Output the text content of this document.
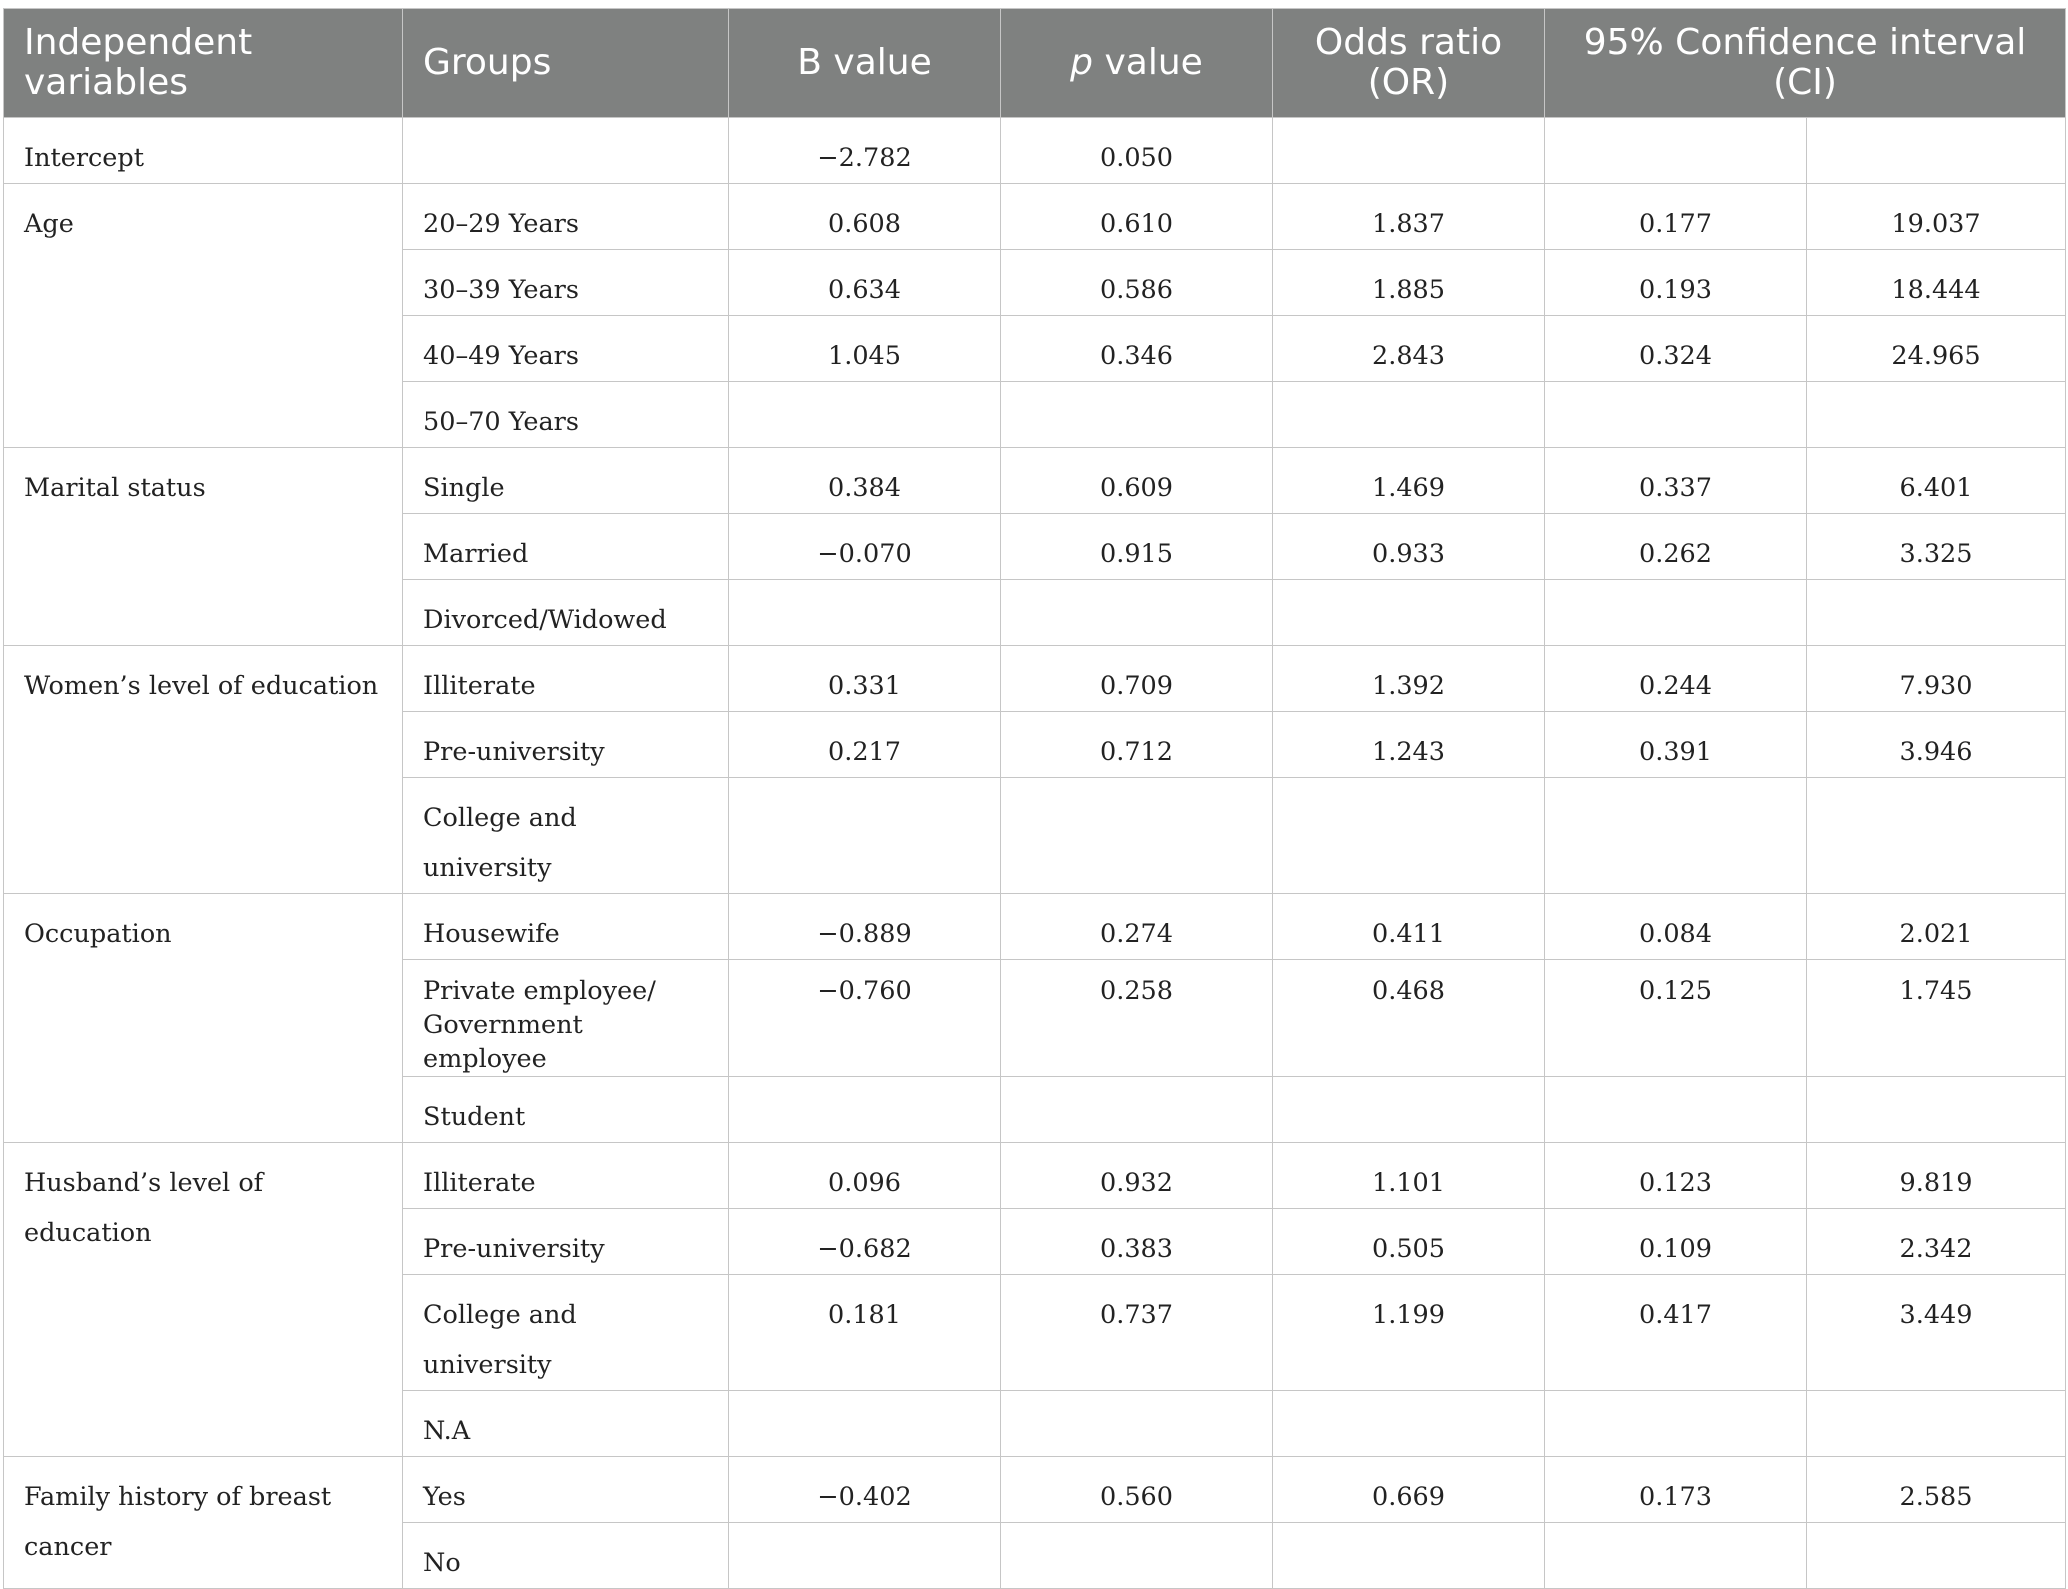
Independent variables	Groups	B value	p value	Odds ratio (OR)	95% Confidence interval (CI)	
Intercept		−2.782	0.050			
Age	20–29 Years	0.608	0.610	1.837	0.177	19.037
	30–39 Years	0.634	0.586	1.885	0.193	18.444
	40–49 Years	1.045	0.346	2.843	0.324	24.965
	50–70 Years					
Marital status	Single	0.384	0.609	1.469	0.337	6.401
	Married	−0.070	0.915	0.933	0.262	3.325
	Divorced/Widowed					
Women’s level of education	Illiterate	0.331	0.709	1.392	0.244	7.930
	Pre-university	0.217	0.712	1.243	0.391	3.946
	College and university					
Occupation	Housewife	−0.889	0.274	0.411	0.084	2.021
	Private employee/ Government employee	−0.760	0.258	0.468	0.125	1.745
	Student					
Husband’s level of education	Illiterate	0.096	0.932	1.101	0.123	9.819
	Pre-university	−0.682	0.383	0.505	0.109	2.342
	College and university	0.181	0.737	1.199	0.417	3.449
	N.A					
Family history of breast cancer	Yes	−0.402	0.560	0.669	0.173	2.585
	No					
